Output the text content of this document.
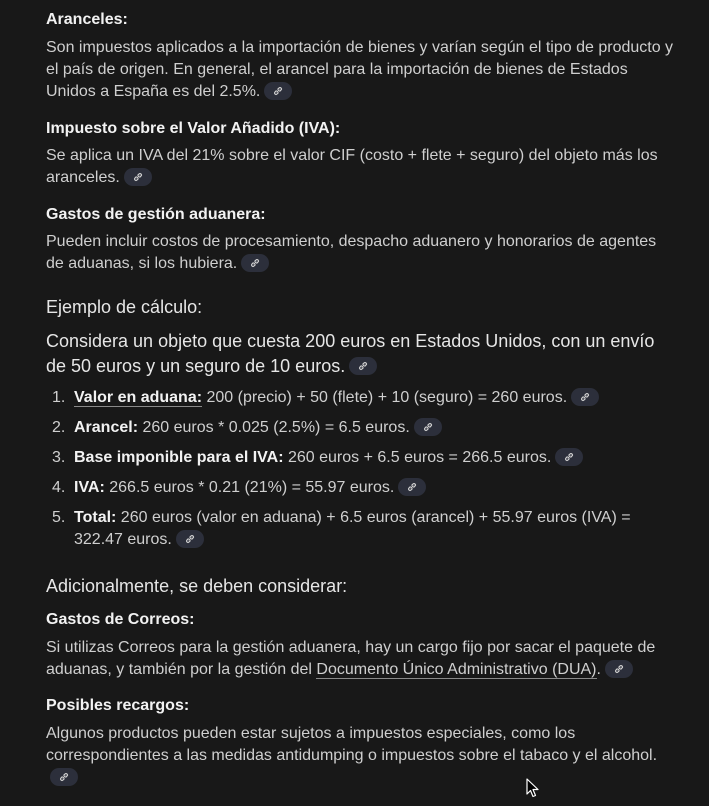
Aranceles:

Son impuestos aplicados a la importación de bienes y varían según el tipo de producto y el país de origen. En general, el arancel para la importación de bienes de Estados Unidos a España es del 2.5%.

Impuesto sobre el Valor Añadido (IVA):

Se aplica un IVA del 21% sobre el valor CIF (costo + flete + seguro) del objeto más los aranceles.

Gastos de gestión aduanera:

Pueden incluir costos de procesamiento, despacho aduanero y honorarios de agentes de aduanas, si los hubiera.

Ejemplo de cálculo:

Considera un objeto que cuesta 200 euros en Estados Unidos, con un envío de 50 euros y un seguro de 10 euros.

1. Valor en aduana: 200 (precio) + 50 (flete) + 10 (seguro) = 260 euros.
2. Arancel: 260 euros * 0.025 (2.5%) = 6.5 euros.
3. Base imponible para el IVA: 260 euros + 6.5 euros = 266.5 euros.
4. IVA: 266.5 euros * 0.21 (21%) = 55.97 euros.
5. Total: 260 euros (valor en aduana) + 6.5 euros (arancel) + 55.97 euros (IVA) = 322.47 euros.

Adicionalmente, se deben considerar:

Gastos de Correos:

Si utilizas Correos para la gestión aduanera, hay un cargo fijo por sacar el paquete de aduanas, y también por la gestión del Documento Único Administrativo (DUA).

Posibles recargos:

Algunos productos pueden estar sujetos a impuestos especiales, como los correspondientes a las medidas antidumping o impuestos sobre el tabaco y el alcohol.
